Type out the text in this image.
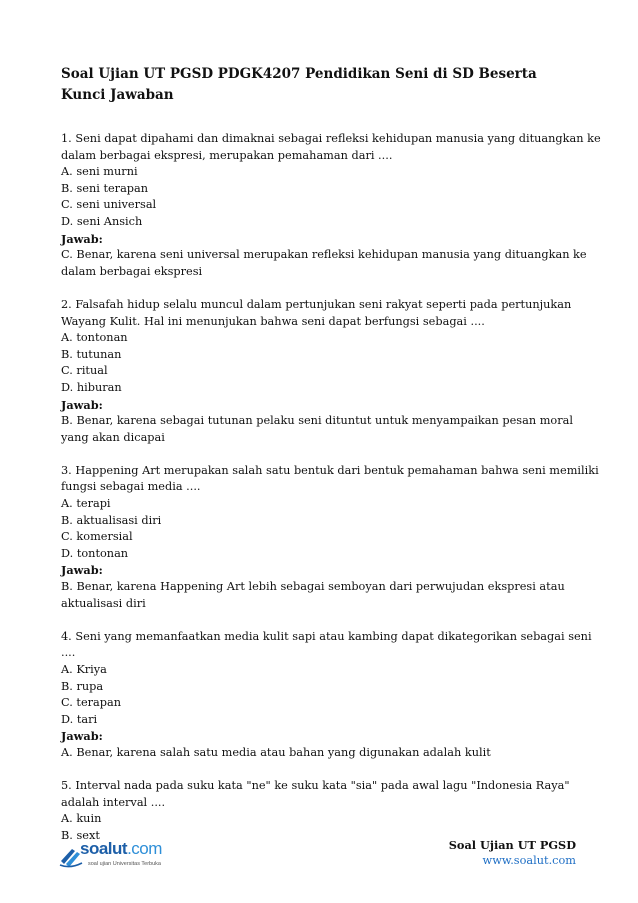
Soal Ujian UT PGSD PDGK4207 Pendidikan Seni di SD Beserta Kunci Jawaban
1. Seni dapat dipahami dan dimaknai sebagai refleksi kehidupan manusia yang dituangkan ke
dalam berbagai ekspresi, merupakan pemahaman dari ....
A. seni murni
B. seni terapan
C. seni universal
D. seni Ansich
Jawab:
C. Benar, karena seni universal merupakan refleksi kehidupan manusia yang dituangkan ke
dalam berbagai ekspresi
2. Falsafah hidup selalu muncul dalam pertunjukan seni rakyat seperti pada pertunjukan
Wayang Kulit. Hal ini menunjukan bahwa seni dapat berfungsi sebagai ....
A. tontonan
B. tutunan
C. ritual
D. hiburan
Jawab:
B. Benar, karena sebagai tutunan pelaku seni dituntut untuk menyampaikan pesan moral
yang akan dicapai
3. Happening Art merupakan salah satu bentuk dari bentuk pemahaman bahwa seni memiliki
fungsi sebagai media ....
A. terapi
B. aktualisasi diri
C. komersial
D. tontonan
Jawab:
B. Benar, karena Happening Art lebih sebagai semboyan dari perwujudan ekspresi atau
aktualisasi diri
4. Seni yang memanfaatkan media kulit sapi atau kambing dapat dikategorikan sebagai seni
....
A. Kriya
B. rupa
C. terapan
D. tari
Jawab:
A. Benar, karena salah satu media atau bahan yang digunakan adalah kulit
5. Interval nada pada suku kata "ne" ke suku kata "sia" pada awal lagu "Indonesia Raya"
adalah interval ....
A. kuin
B. sext
soalut.com
soal ujian Universitas Terbuka
Soal Ujian UT PGSD
www.soalut.com
